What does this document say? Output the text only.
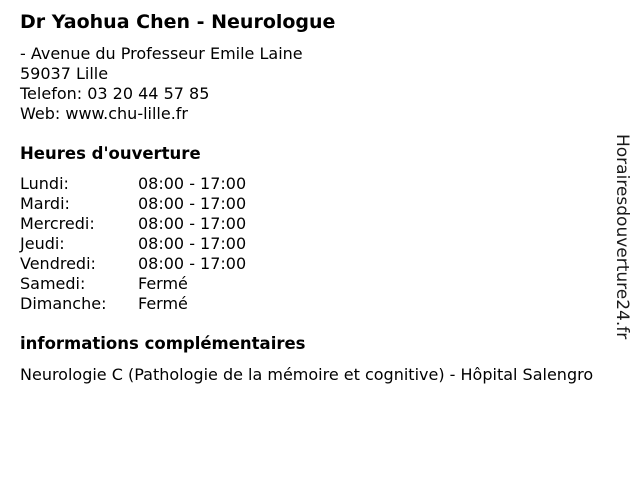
Dr Yaohua Chen - Neurologue
- Avenue du Professeur Emile Laine
59037 Lille
Telefon: 03 20 44 57 85
Web: www.chu-lille.fr
Heures d'ouverture
Lundi:	08:00 - 17:00
Mardi:	08:00 - 17:00
Mercredi:	08:00 - 17:00
Jeudi:	08:00 - 17:00
Vendredi:	08:00 - 17:00
Samedi:	Fermé
Dimanche:	Fermé
informations complémentaires
Neurologie C (Pathologie de la mémoire et cognitive) - Hôpital Salengro
Horairesdouverture24.fr
